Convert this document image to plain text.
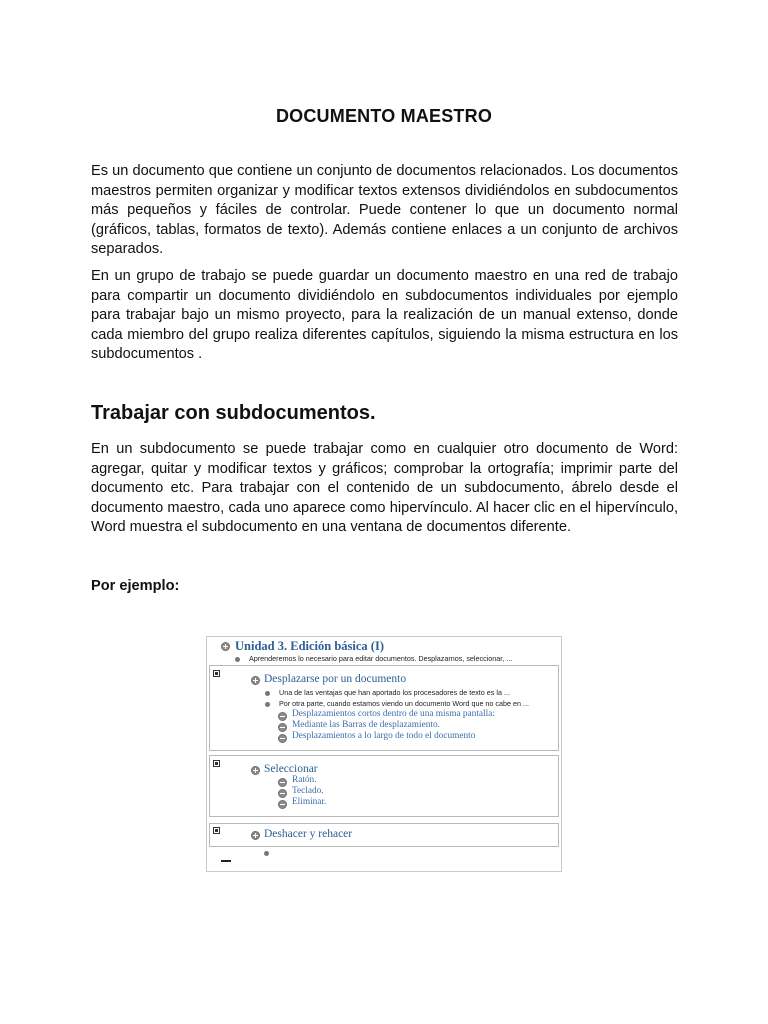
DOCUMENTO MAESTRO

Es un documento que contiene un conjunto de documentos relacionados. Los documentos maestros permiten organizar y modificar textos extensos dividiéndolos en subdocumentos más pequeños y fáciles de controlar. Puede contener lo que un documento normal (gráficos, tablas, formatos de texto). Además contiene enlaces a un conjunto de archivos separados.

En un grupo de trabajo se puede guardar un documento maestro en una red de trabajo para compartir un documento dividiéndolo en subdocumentos individuales por ejemplo para trabajar bajo un mismo proyecto, para la realización de un manual extenso, donde cada miembro del grupo realiza diferentes capítulos, siguiendo la misma estructura en los subdocumentos .

Trabajar con subdocumentos.

En un subdocumento se puede trabajar como en cualquier otro documento de Word: agregar, quitar y modificar textos y gráficos; comprobar la ortografía; imprimir parte del documento etc. Para trabajar con el contenido de un subdocumento, ábrelo desde el documento maestro, cada uno aparece como hipervínculo. Al hacer clic en el hipervínculo, Word muestra el subdocumento en una ventana de documentos diferente.

Por ejemplo:

Unidad 3. Edición básica (I)
Aprenderemos lo necesario para editar documentos. Desplazarnos, seleccionar, ...
Desplazarse por un documento
Una de las ventajas que han aportado los procesadores de texto es la ...
Por otra parte, cuando estamos viendo un documento Word que no cabe en ...
Desplazamientos cortos dentro de una misma pantalla:
Mediante las Barras de desplazamiento.
Desplazamientos a lo largo de todo el documento
Seleccionar
Ratón.
Teclado.
Eliminar.
Deshacer y rehacer
